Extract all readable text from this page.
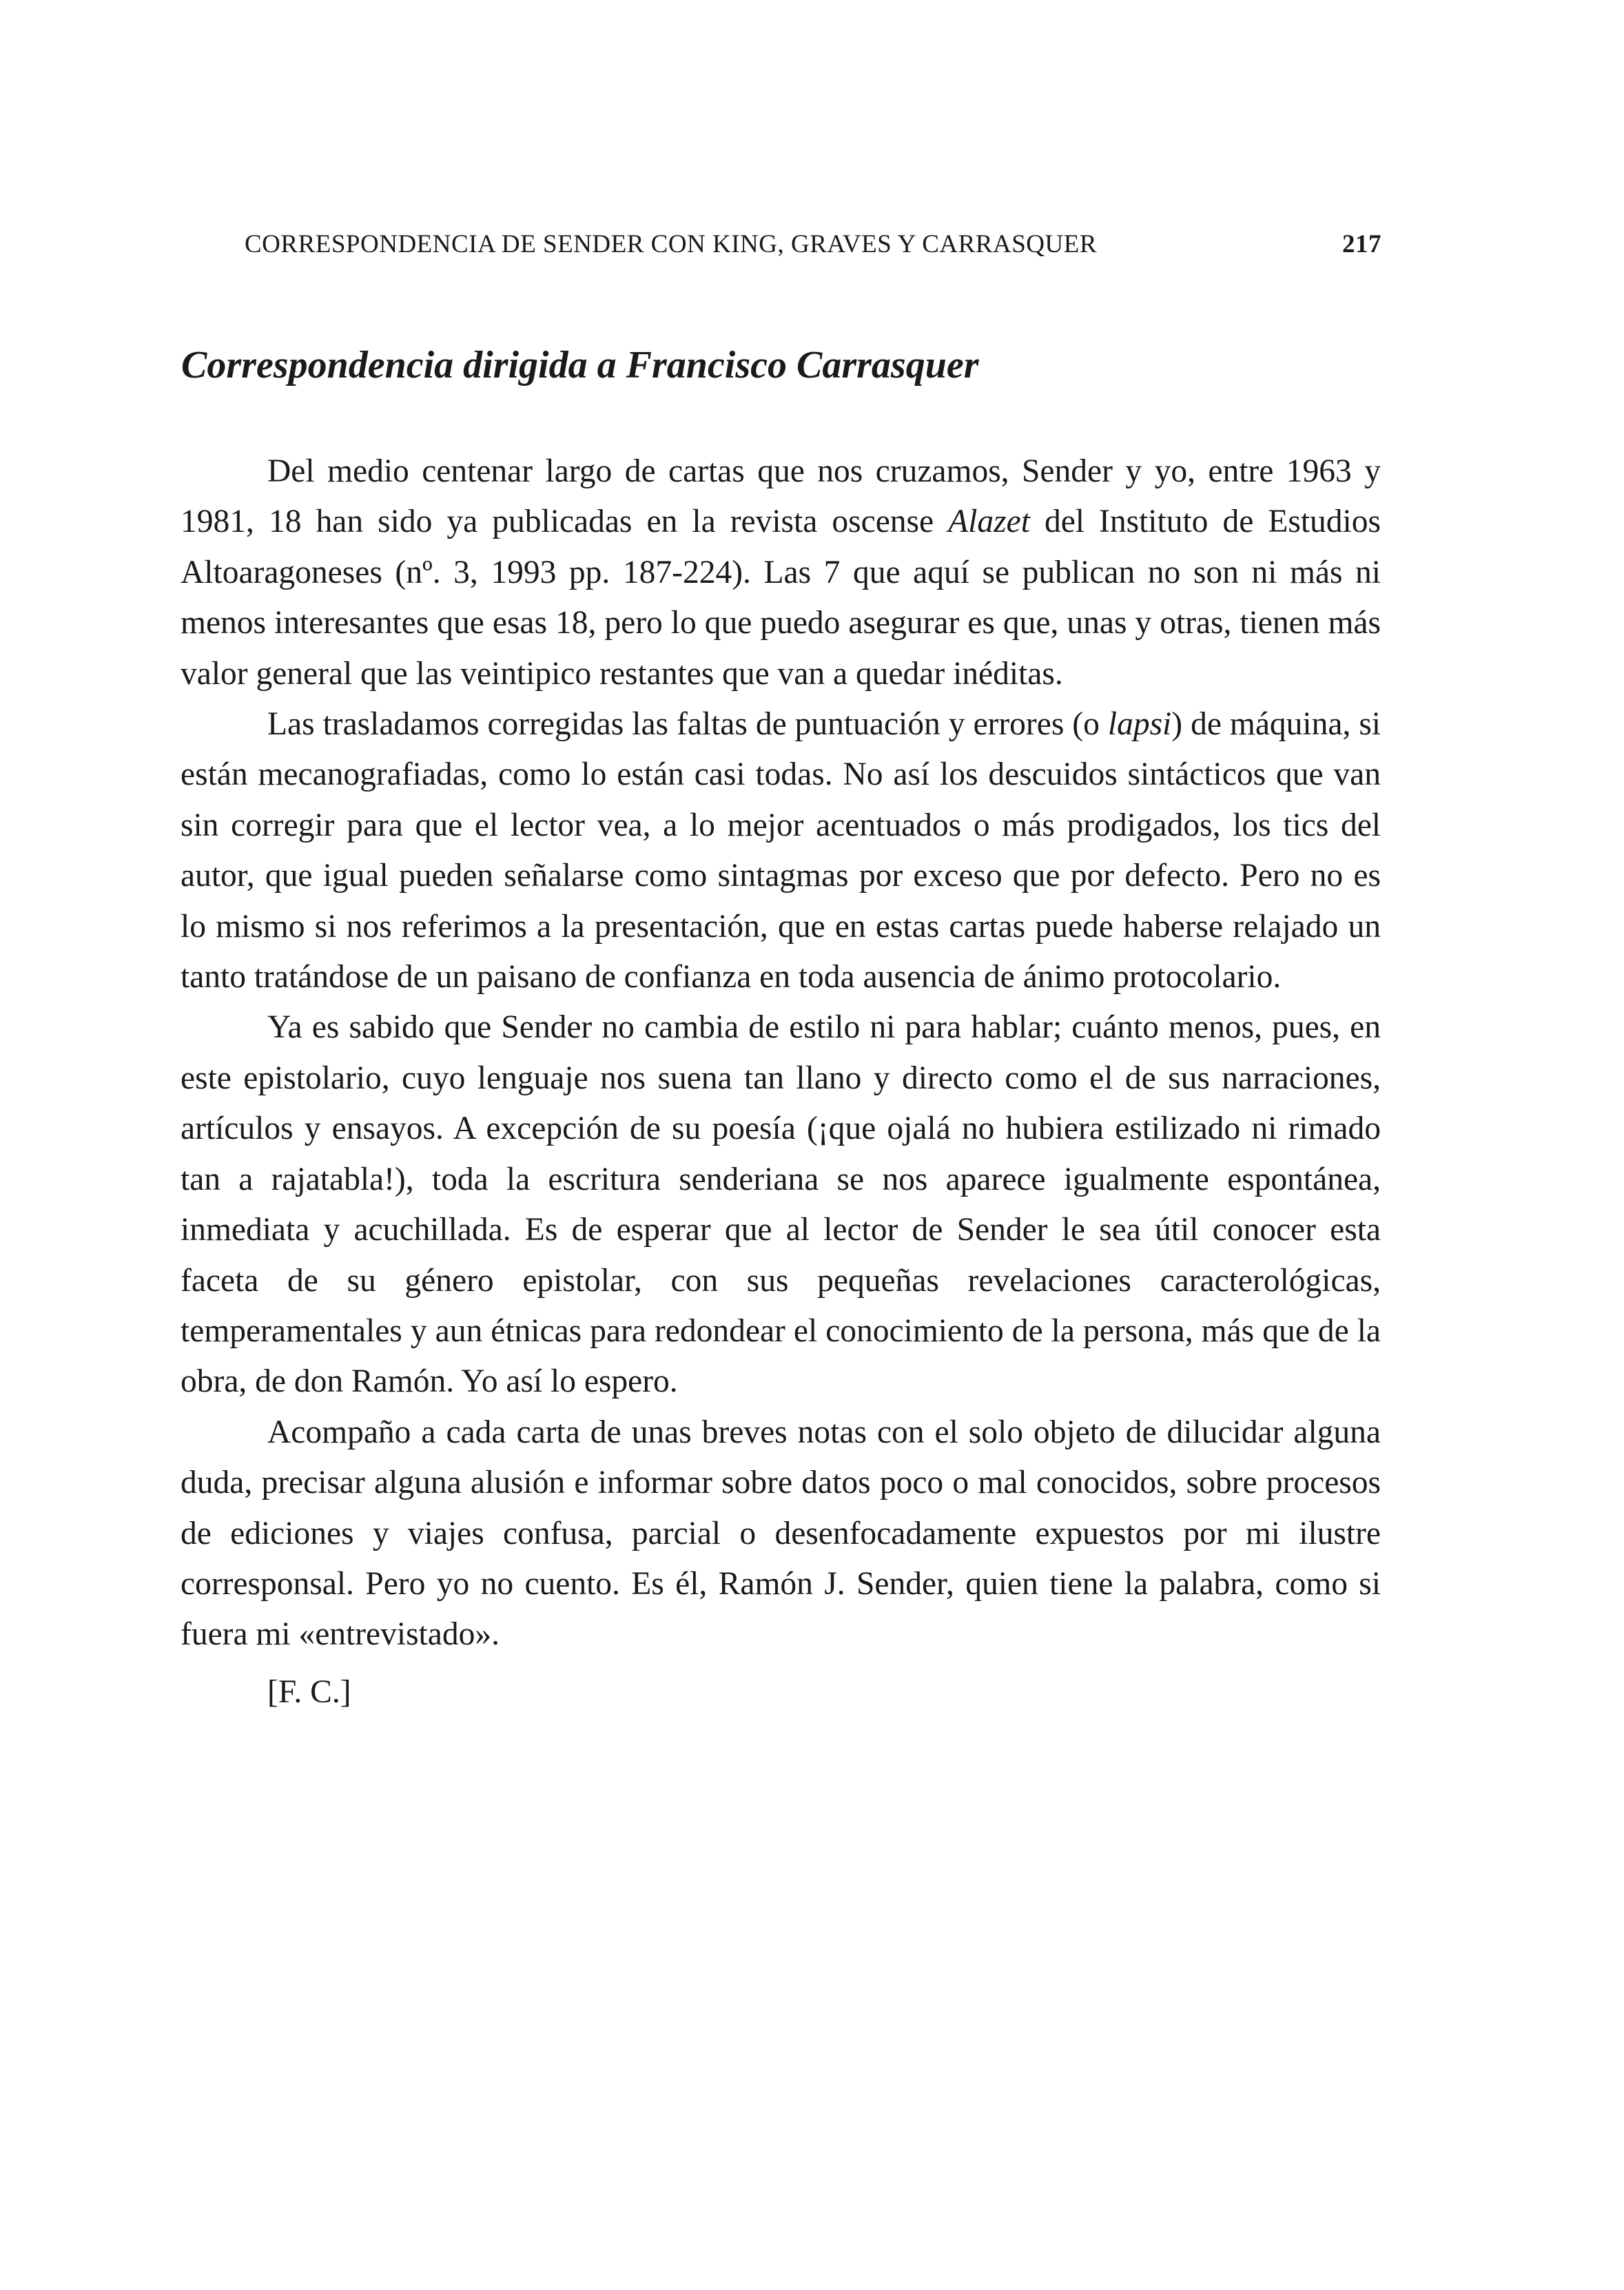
CORRESPONDENCIA DE SENDER CON KING, GRAVES Y CARRASQUER	217
Correspondencia dirigida a Francisco Carrasquer

Del medio centenar largo de cartas que nos cruzamos, Sender y yo, entre 1963 y 1981, 18 han sido ya publicadas en la revista oscense Alazet del Instituto de Estudios Altoaragoneses (nº. 3, 1993 pp. 187-224). Las 7 que aquí se publican no son ni más ni menos interesantes que esas 18, pero lo que puedo asegurar es que, unas y otras, tienen más valor general que las veintipico restantes que van a quedar inéditas.

Las trasladamos corregidas las faltas de puntuación y errores (o lapsi) de máquina, si están mecanografiadas, como lo están casi todas. No así los descuidos sintácticos que van sin corregir para que el lector vea, a lo mejor acentuados o más prodigados, los tics del autor, que igual pueden señalarse como sintagmas por exceso que por defecto. Pero no es lo mismo si nos referimos a la presentación, que en estas cartas puede haberse relajado un tanto tratándose de un paisano de confianza en toda ausencia de ánimo protocolario.

Ya es sabido que Sender no cambia de estilo ni para hablar; cuánto menos, pues, en este epistolario, cuyo lenguaje nos suena tan llano y directo como el de sus narraciones, artículos y ensayos. A excepción de su poesía (¡que ojalá no hubiera estilizado ni rimado tan a rajatabla!), toda la escritura senderiana se nos aparece igualmente espontánea, inmediata y acuchillada. Es de esperar que al lector de Sender le sea útil conocer esta faceta de su género epistolar, con sus pequeñas revelaciones caracterológicas, temperamentales y aun étnicas para redondear el conocimiento de la persona, más que de la obra, de don Ramón. Yo así lo espero.

Acompaño a cada carta de unas breves notas con el solo objeto de dilucidar alguna duda, precisar alguna alusión e informar sobre datos poco o mal conocidos, sobre procesos de ediciones y viajes confusa, parcial o desenfocadamente expuestos por mi ilustre corresponsal. Pero yo no cuento. Es él, Ramón J. Sender, quien tiene la palabra, como si fuera mi «entrevistado».

[F. C.]
